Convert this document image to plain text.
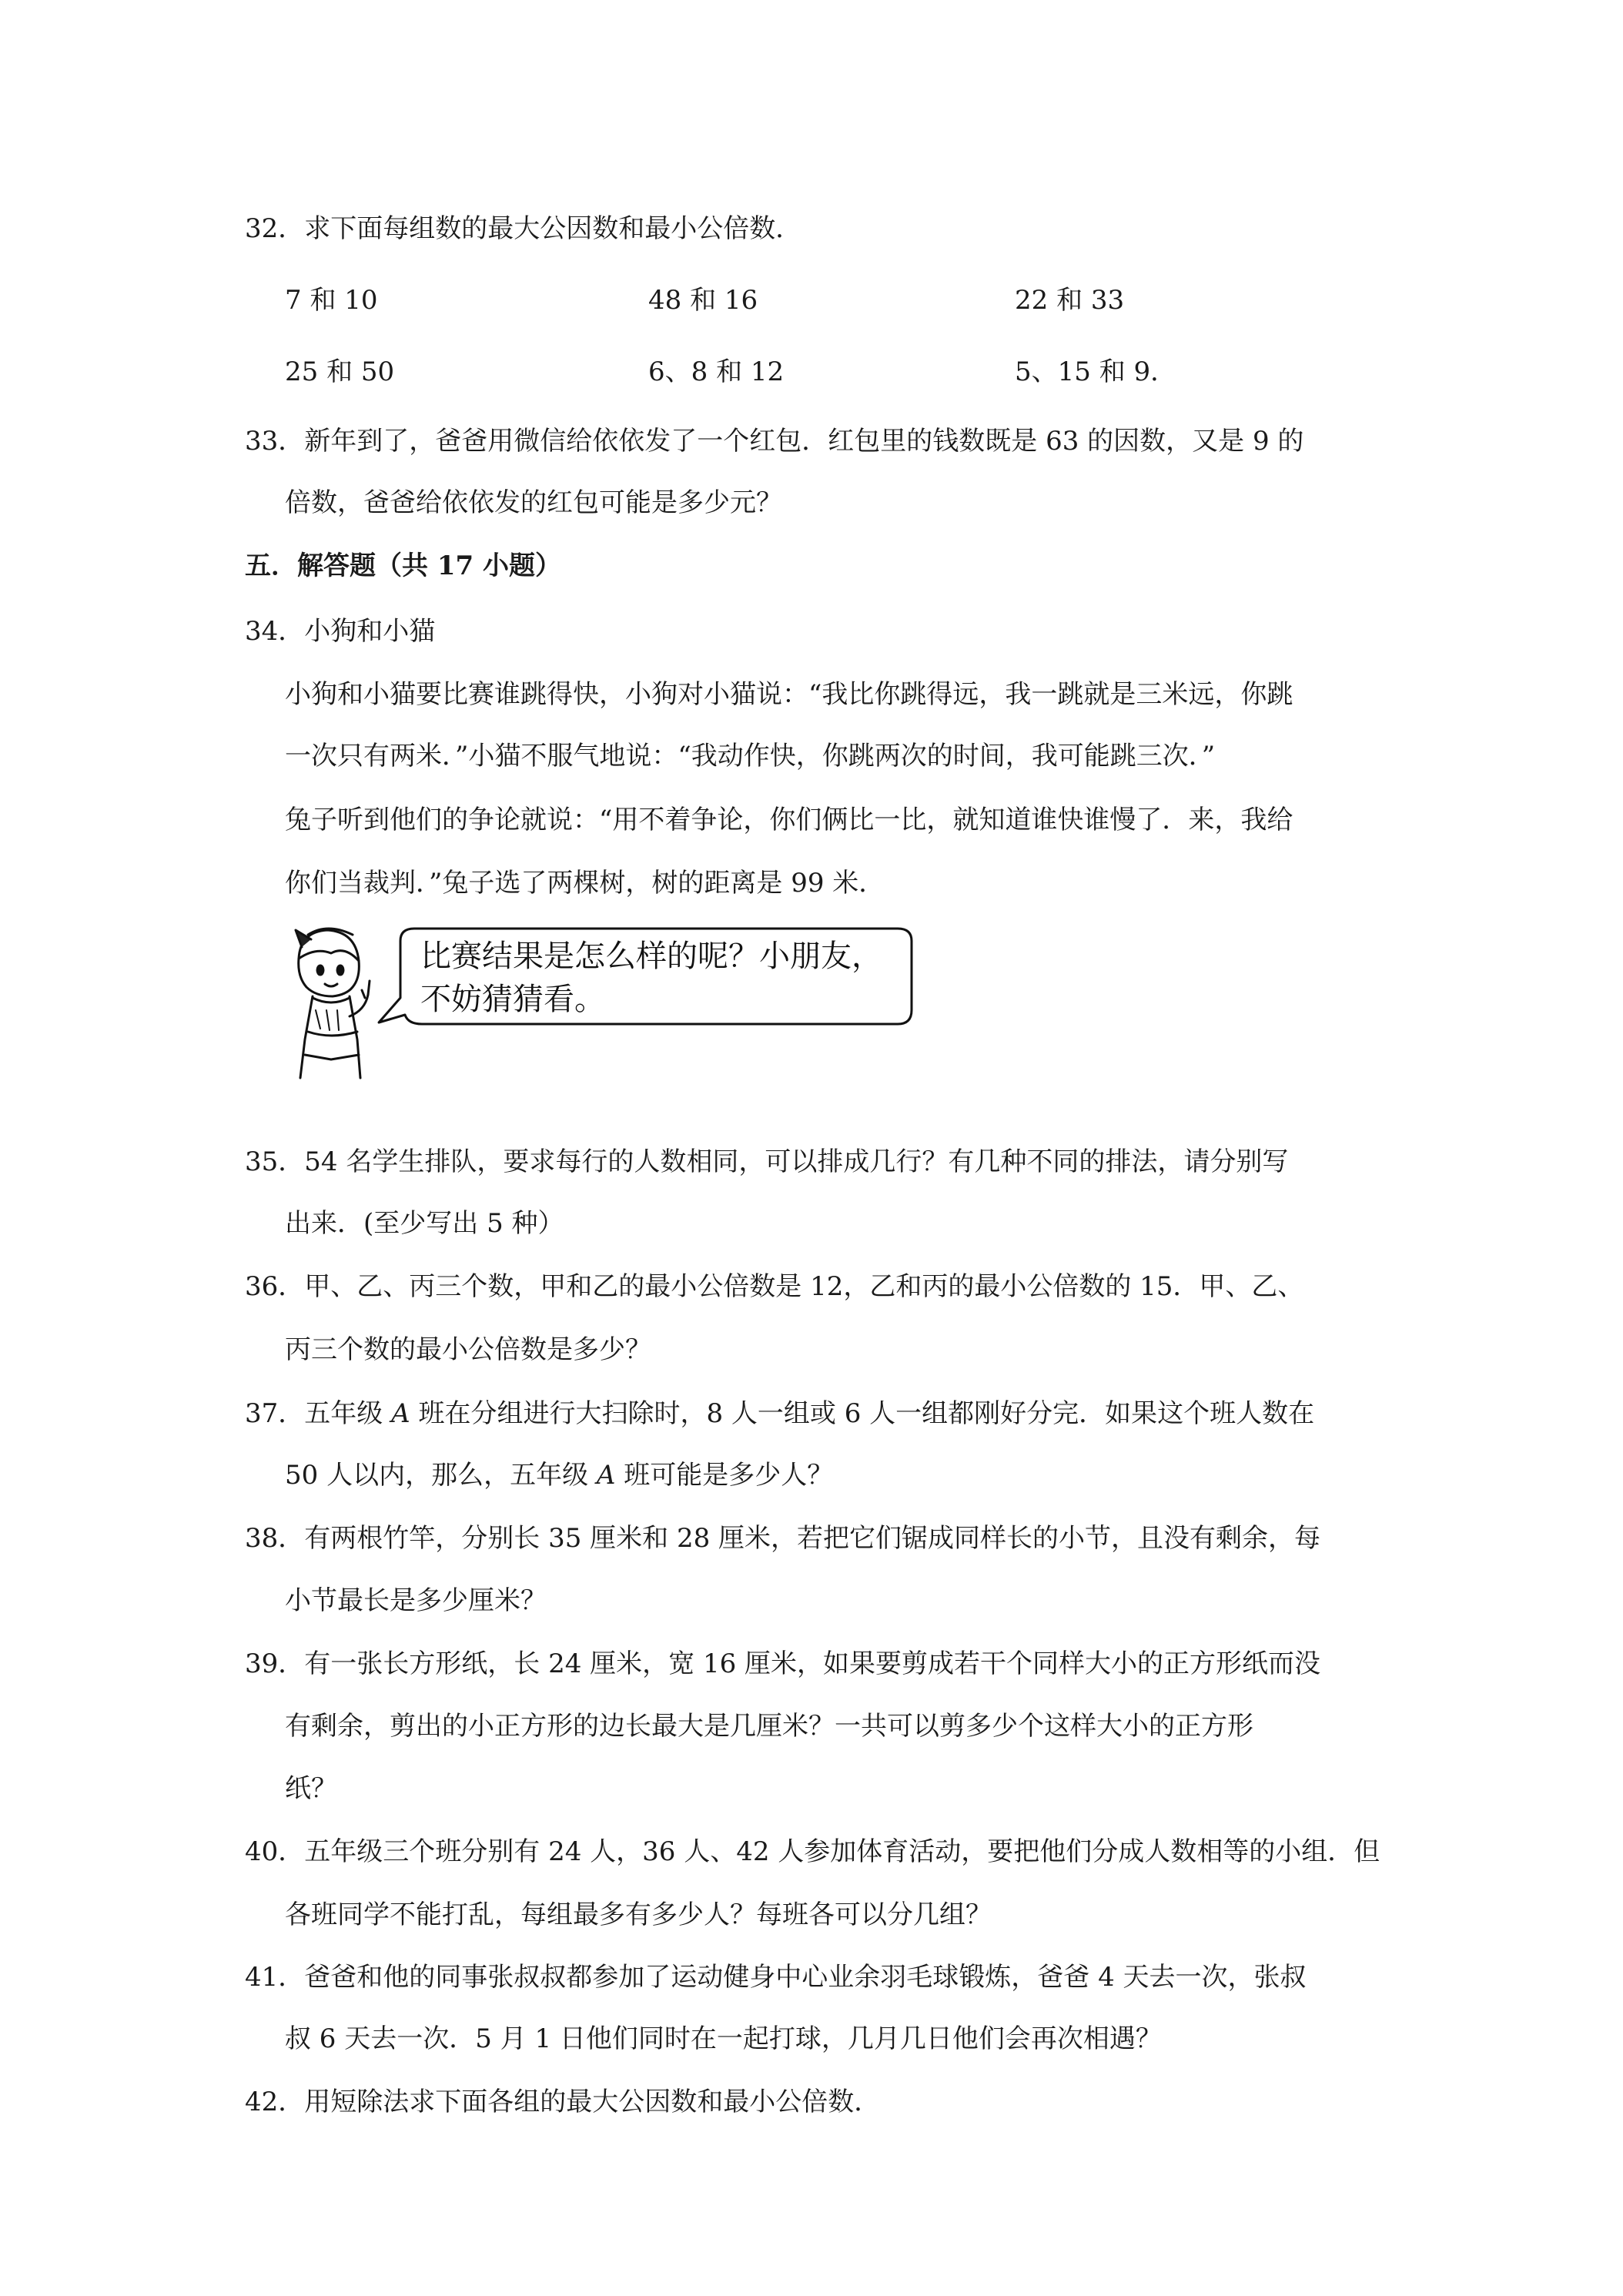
32．求下面每组数的最大公因数和最小公倍数．
7 和 10	48 和 16	22 和 33
25 和 50	6、8 和 12	5、15 和 9．
33．新年到了，爸爸用微信给依依发了一个红包．红包里的钱数既是 63 的因数，又是 9 的
倍数，爸爸给依依发的红包可能是多少元？
五．解答题（共 17 小题）
34．小狗和小猫
小狗和小猫要比赛谁跳得快，小狗对小猫说：“我比你跳得远，我一跳就是三米远，你跳
一次只有两米．”小猫不服气地说：“我动作快，你跳两次的时间，我可能跳三次．”
兔子听到他们的争论就说：“用不着争论，你们俩比一比，就知道谁快谁慢了．来，我给
你们当裁判．”兔子选了两棵树，树的距离是 99 米．
比赛结果是怎么样的呢？小朋友，
不妨猜猜看。
35．54 名学生排队，要求每行的人数相同，可以排成几行？有几种不同的排法，请分别写
出来．(至少写出 5 种）
36．甲、乙、丙三个数，甲和乙的最小公倍数是 12，乙和丙的最小公倍数的 15．甲、乙、
丙三个数的最小公倍数是多少？
37．五年级 A 班在分组进行大扫除时，8 人一组或 6 人一组都刚好分完．如果这个班人数在
50 人以内，那么，五年级 A 班可能是多少人？
38．有两根竹竿，分别长 35 厘米和 28 厘米，若把它们锯成同样长的小节，且没有剩余，每
小节最长是多少厘米？
39．有一张长方形纸，长 24 厘米，宽 16 厘米，如果要剪成若干个同样大小的正方形纸而没
有剩余，剪出的小正方形的边长最大是几厘米？一共可以剪多少个这样大小的正方形
纸？
40．五年级三个班分别有 24 人，36 人、42 人参加体育活动，要把他们分成人数相等的小组．但
各班同学不能打乱，每组最多有多少人？每班各可以分几组？
41．爸爸和他的同事张叔叔都参加了运动健身中心业余羽毛球锻炼，爸爸 4 天去一次，张叔
叔 6 天去一次．5 月 1 日他们同时在一起打球，几月几日他们会再次相遇？
42．用短除法求下面各组的最大公因数和最小公倍数．
